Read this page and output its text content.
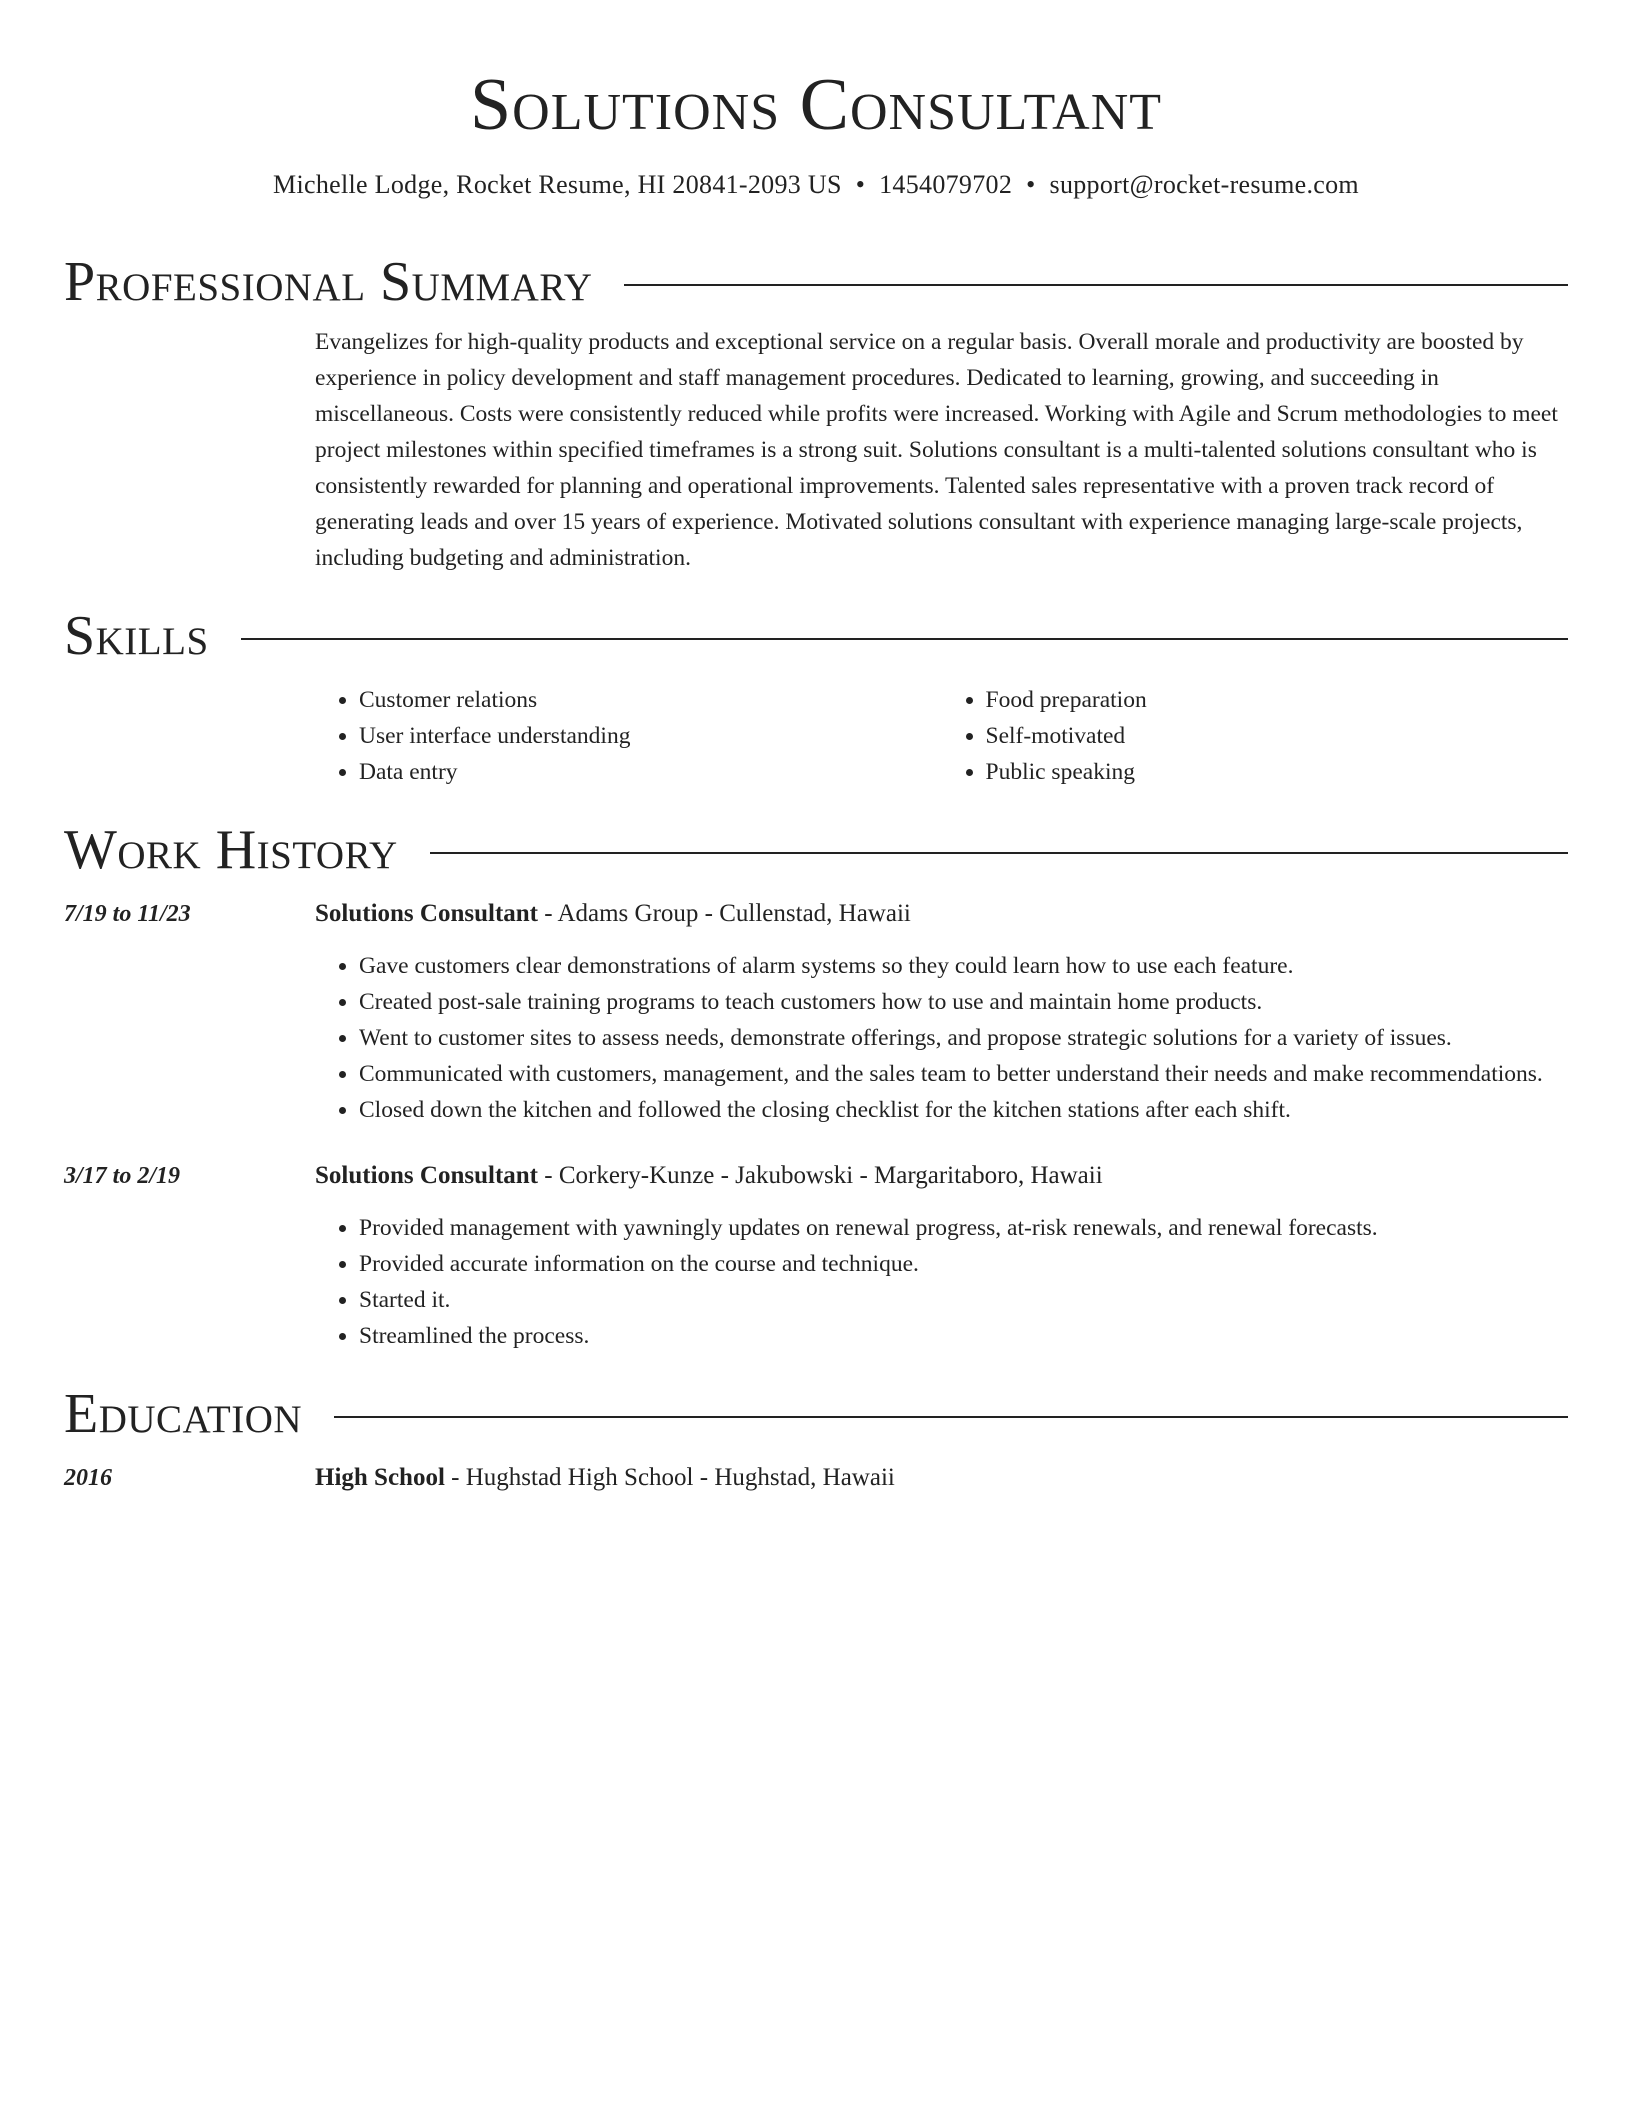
Solutions Consultant
Michelle Lodge, Rocket Resume, HI 20841-2093 US • 1454079702 • support@rocket-resume.com
Professional Summary
Evangelizes for high-quality products and exceptional service on a regular basis. Overall morale and productivity are boosted by experience in policy development and staff management procedures. Dedicated to learning, growing, and succeeding in miscellaneous. Costs were consistently reduced while profits were increased. Working with Agile and Scrum methodologies to meet project milestones within specified timeframes is a strong suit. Solutions consultant is a multi-talented solutions consultant who is consistently rewarded for planning and operational improvements. Talented sales representative with a proven track record of generating leads and over 15 years of experience. Motivated solutions consultant with experience managing large-scale projects, including budgeting and administration.
Skills
• Customer relations
• User interface understanding
• Data entry
• Food preparation
• Self-motivated
• Public speaking
Work History
7/19 to 11/23	Solutions Consultant - Adams Group - Cullenstad, Hawaii
• Gave customers clear demonstrations of alarm systems so they could learn how to use each feature.
• Created post-sale training programs to teach customers how to use and maintain home products.
• Went to customer sites to assess needs, demonstrate offerings, and propose strategic solutions for a variety of issues.
• Communicated with customers, management, and the sales team to better understand their needs and make recommendations.
• Closed down the kitchen and followed the closing checklist for the kitchen stations after each shift.
3/17 to 2/19	Solutions Consultant - Corkery-Kunze - Jakubowski - Margaritaboro, Hawaii
• Provided management with yawningly updates on renewal progress, at-risk renewals, and renewal forecasts.
• Provided accurate information on the course and technique.
• Started it.
• Streamlined the process.
Education
2016	High School - Hughstad High School - Hughstad, Hawaii
